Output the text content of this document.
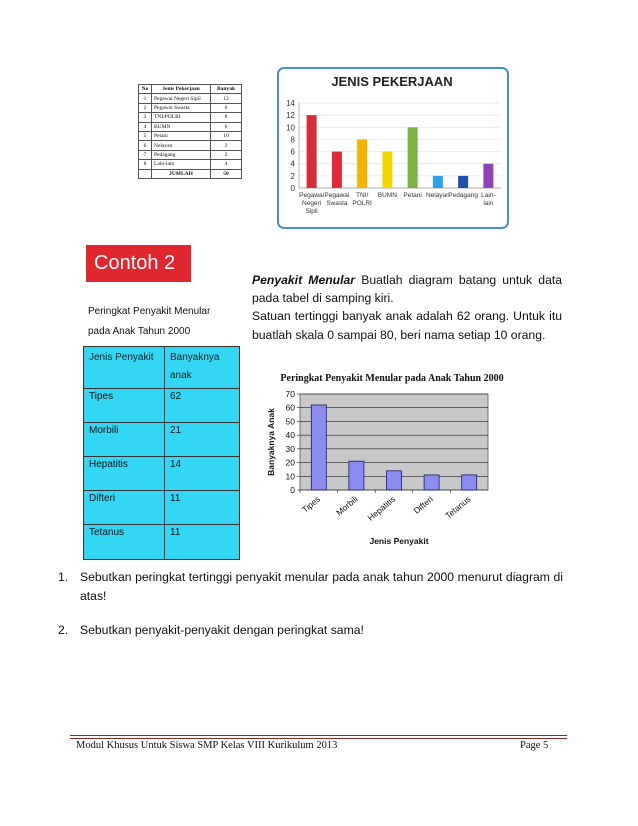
No	Jenis Pekerjaan	Banyak
1	Pegawai Negeri Sipil	12
2	Pegawai Swasta	6
3	TNI/POLRI	8
4	BUMN	6
5	Petani	10
6	Nelayan	2
7	Pedagang	2
8	Lain-lain	4
	JUMLAH	50
JENIS PEKERJAAN
0
2
4
6
8
10
12
14
Pegawai Negeri Sipil
Pegawai Swasta
TNI/ POLRI
BUMN Petani Nelayan
Pedagang Lain-lain
Contoh 2
Peringkat Penyakit Menular
pada Anak Tahun 2000
Jenis Penyakit	Banyaknya anak
Tipes	62
Morbili	21
Hepatitis	14
Difteri	11
Tetanus	11
Penyakit Menular Buatlah diagram batang untuk data pada tabel di samping kiri.
Satuan tertinggi banyak anak adalah 62 orang. Untuk itu buatlah skala 0 sampai 80, beri nama setiap 10 orang.
Peringkat Penyakit Menular pada Anak Tahun 2000
0
10
20
30
40
50
60
70
Banyaknya Anak
Tipes Morbili Hepatitis Difteri Tetanus
Jenis Penyakit
1. Sebutkan peringkat tertinggi penyakit menular pada anak tahun 2000 menurut diagram di atas!
2. Sebutkan penyakit-penyakit dengan peringkat sama!
Modul Khusus Untuk Siswa SMP Kelas VIII Kurikulum 2013	Page 5
